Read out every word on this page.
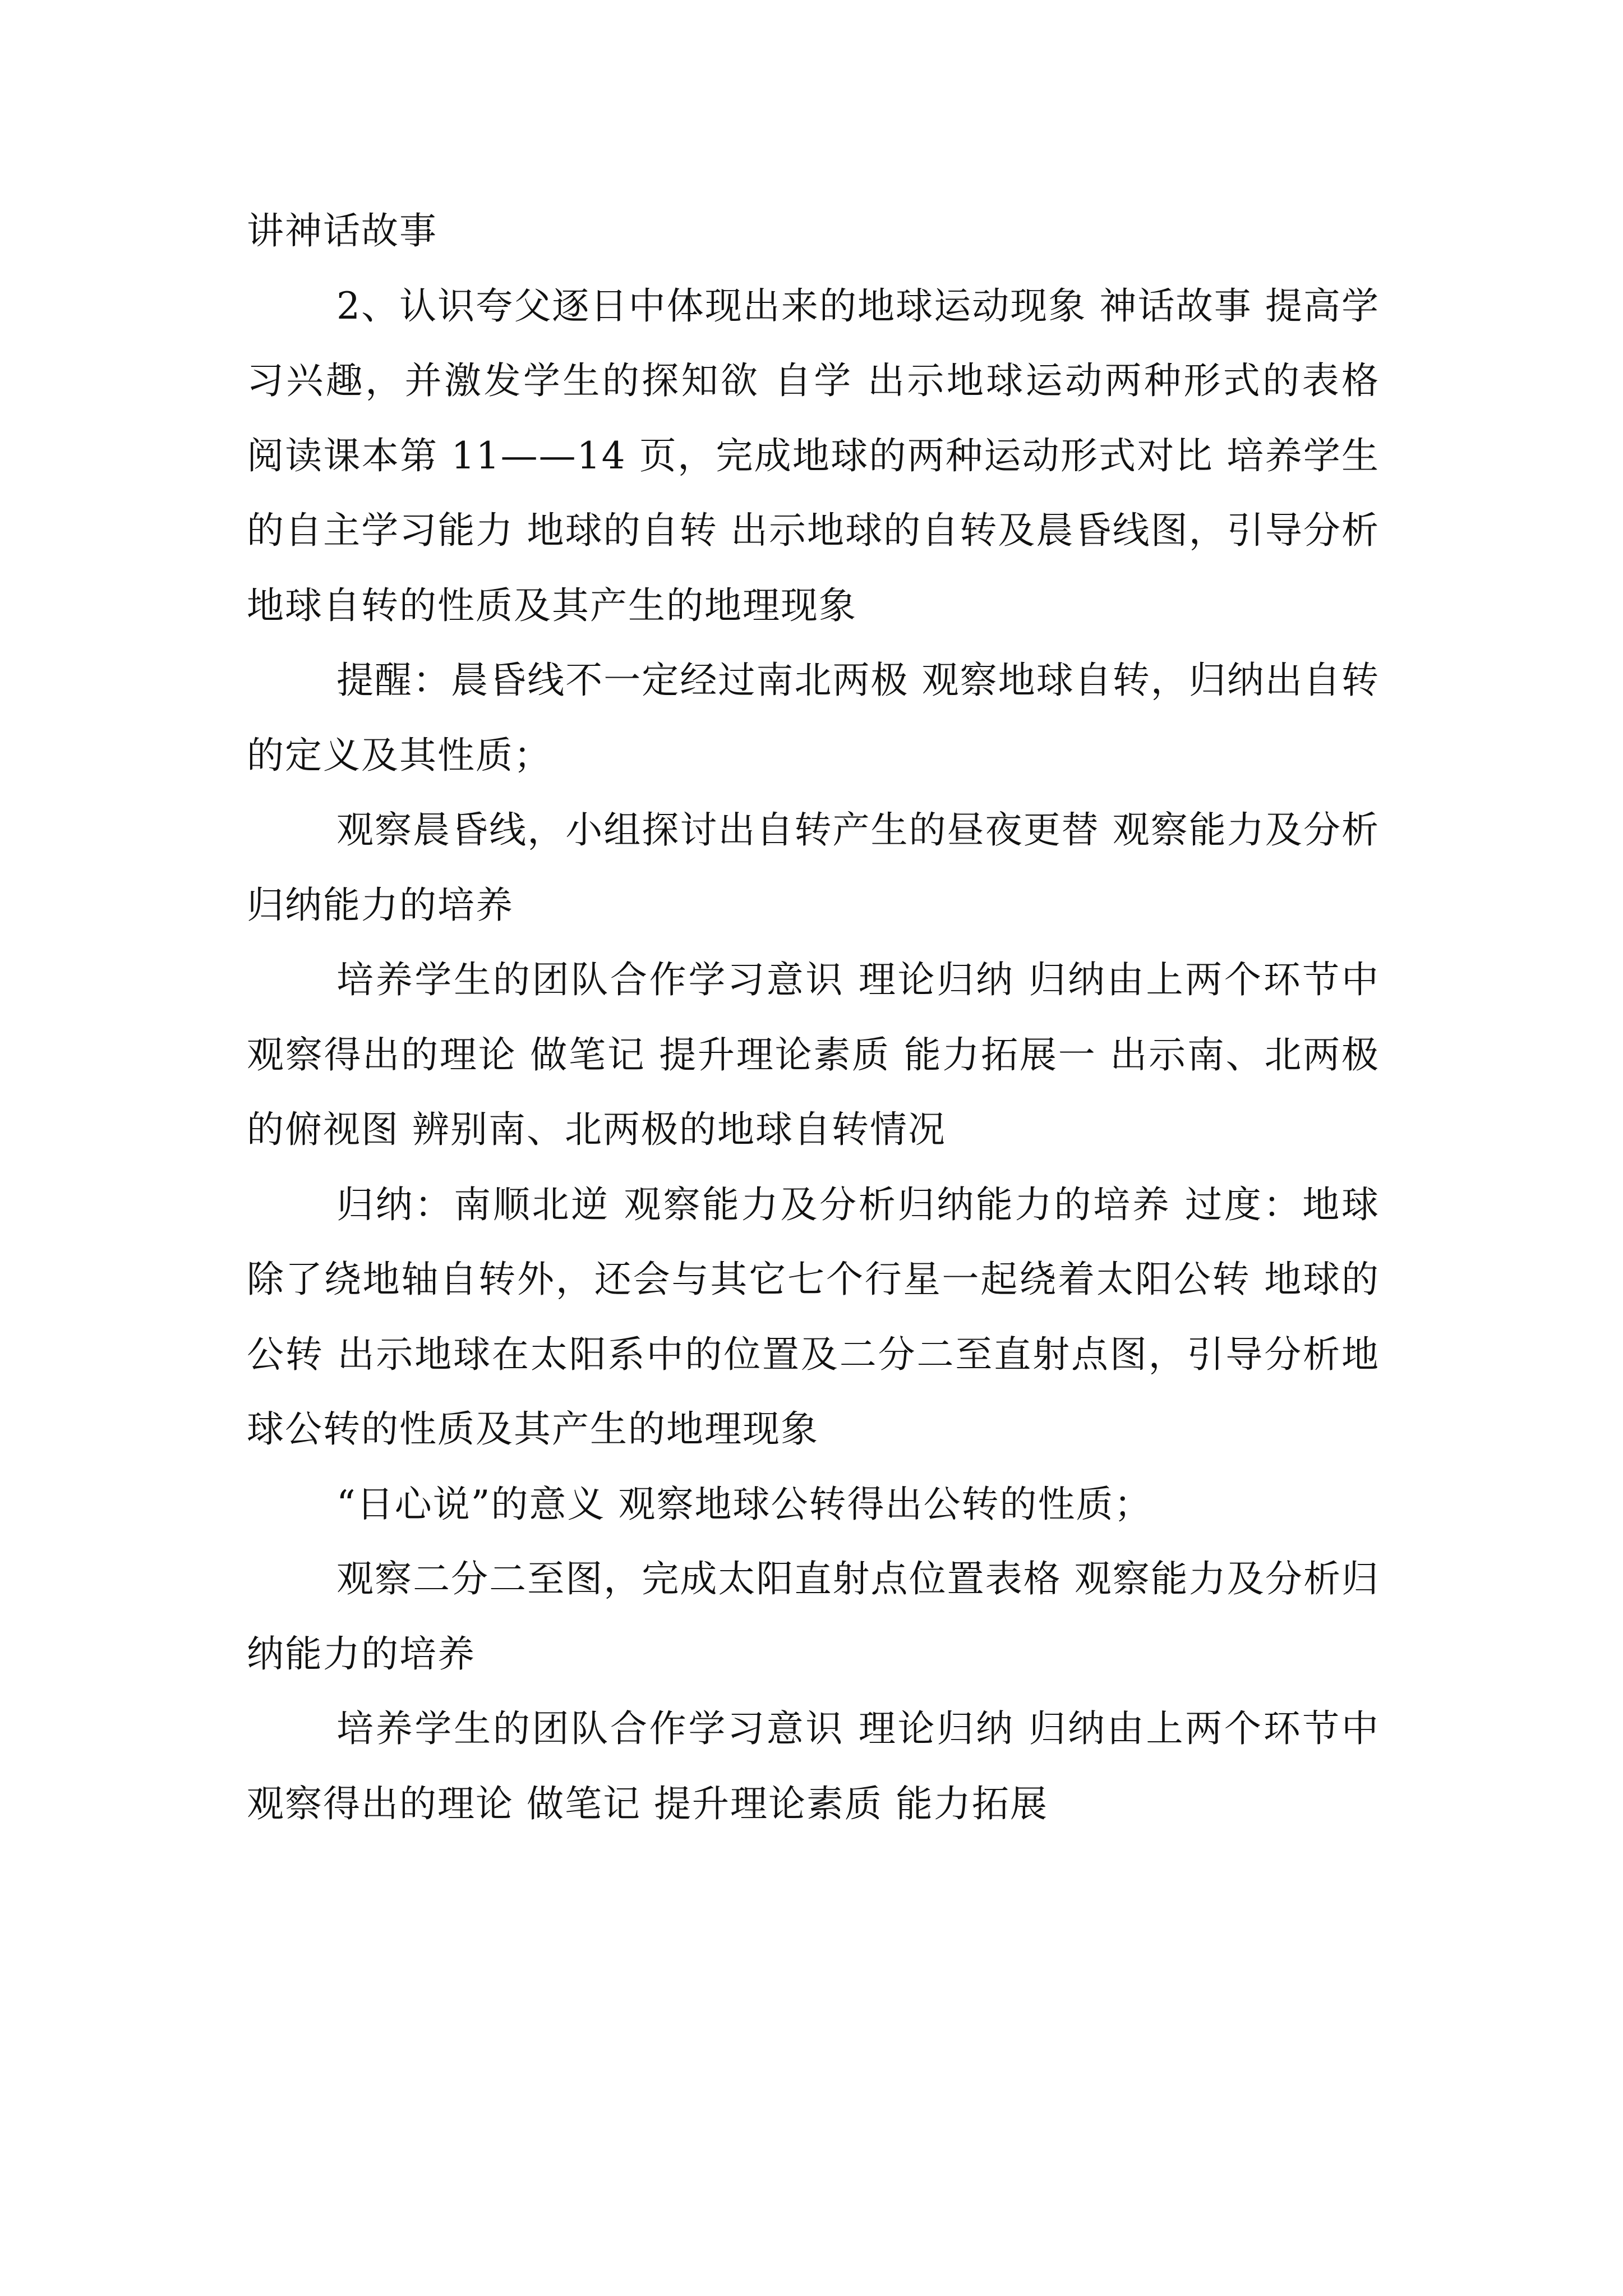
讲神话故事

2、认识夸父逐日中体现出来的地球运动现象 神话故事 提高学习兴趣，并激发学生的探知欲 自学 出示地球运动两种形式的表格 阅读课本第 11——14 页，完成地球的两种运动形式对比 培养学生的自主学习能力 地球的自转 出示地球的自转及晨昏线图，引导分析地球自转的性质及其产生的地理现象

提醒：晨昏线不一定经过南北两极 观察地球自转，归纳出自转的定义及其性质；

观察晨昏线，小组探讨出自转产生的昼夜更替 观察能力及分析归纳能力的培养

培养学生的团队合作学习意识 理论归纳 归纳由上两个环节中观察得出的理论 做笔记 提升理论素质 能力拓展一 出示南、北两极的俯视图 辨别南、北两极的地球自转情况

归纳：南顺北逆 观察能力及分析归纳能力的培养 过度：地球除了绕地轴自转外，还会与其它七个行星一起绕着太阳公转 地球的公转 出示地球在太阳系中的位置及二分二至直射点图，引导分析地球公转的性质及其产生的地理现象

“日心说”的意义 观察地球公转得出公转的性质；

观察二分二至图，完成太阳直射点位置表格 观察能力及分析归纳能力的培养

培养学生的团队合作学习意识 理论归纳 归纳由上两个环节中观察得出的理论 做笔记 提升理论素质 能力拓展
